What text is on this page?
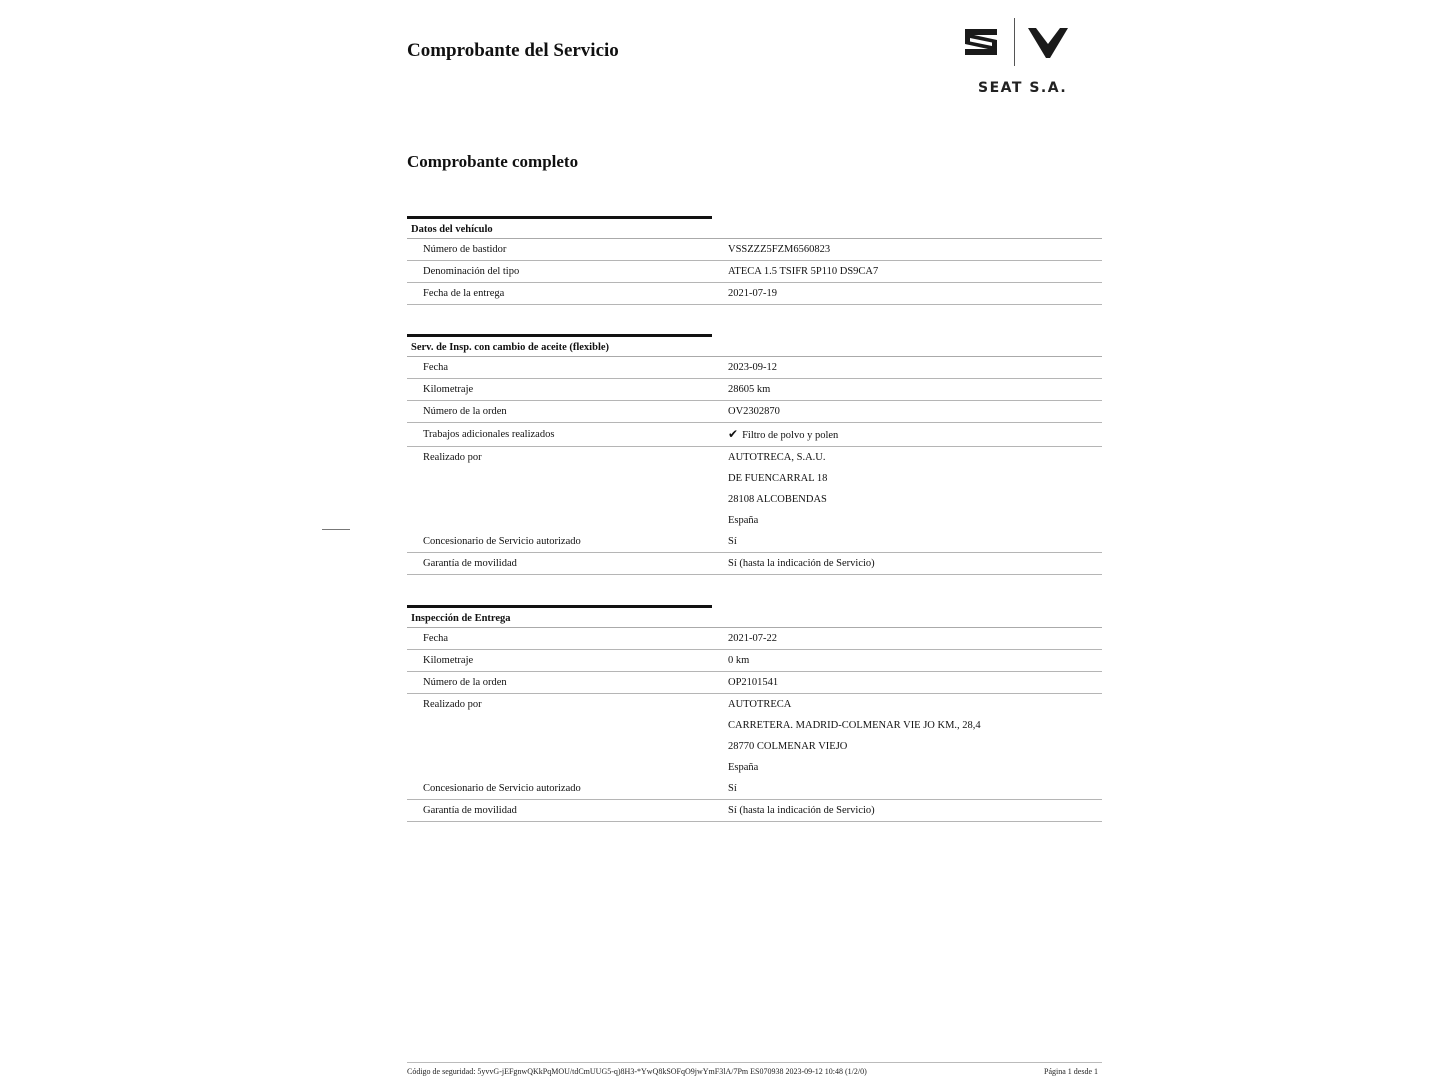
Comprobante del Servicio
SEAT S.A.
Comprobante completo
Datos del vehículo
Número de bastidor	VSSZZZ5FZM6560823
Denominación del tipo	ATECA 1.5 TSIFR 5P110 DS9CA7
Fecha de la entrega	2021-07-19
Serv. de Insp. con cambio de aceite (flexible)
Fecha	2023-09-12
Kilometraje	28605 km
Número de la orden	OV2302870
Trabajos adicionales realizados	✔ Filtro de polvo y polen
Realizado por	AUTOTRECA, S.A.U.
DE FUENCARRAL 18
28108 ALCOBENDAS
España
Concesionario de Servicio autorizado	Sí
Garantía de movilidad	Sí (hasta la indicación de Servicio)
Inspección de Entrega
Fecha	2021-07-22
Kilometraje	0 km
Número de la orden	OP2101541
Realizado por	AUTOTRECA
CARRETERA. MADRID-COLMENAR VIE JO KM., 28,4
28770 COLMENAR VIEJO
España
Concesionario de Servicio autorizado	Sí
Garantía de movilidad	Sí (hasta la indicación de Servicio)
Código de seguridad: 5yvvG-jEFgnwQKkPqMOU/tdCmUUG5-q)8H3-*YwQ8kSOFqO9jwYmF3lA/7Pm ES070938 2023-09-12 10:48 (1/2/0)	Página 1 desde 1
